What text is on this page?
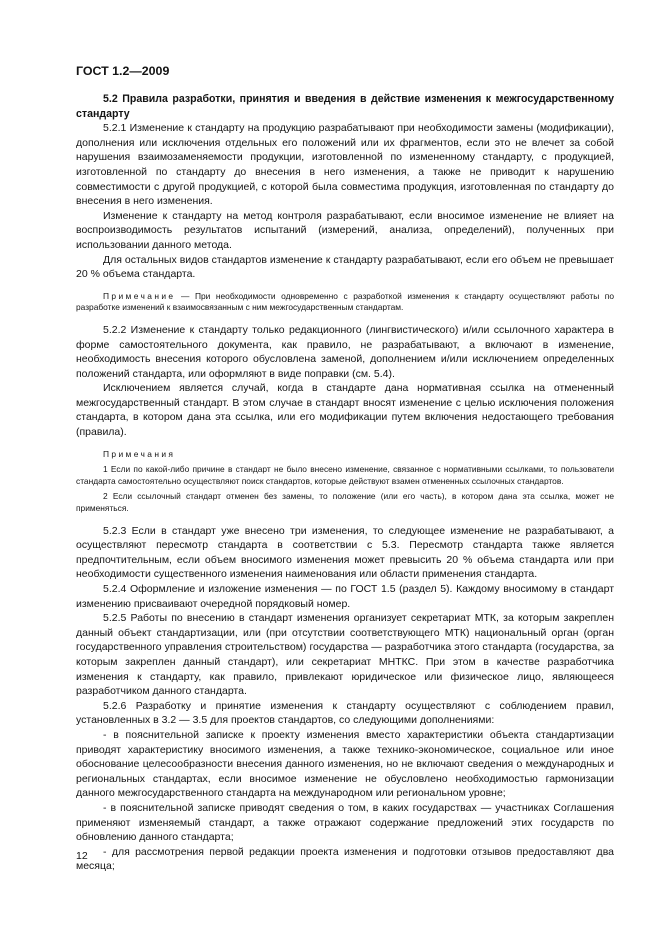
ГОСТ 1.2—2009

5.2 Правила разработки, принятия и введения в действие изменения к межгосударственному стандарту

5.2.1 Изменение к стандарту на продукцию разрабатывают при необходимости замены (модификации), дополнения или исключения отдельных его положений или их фрагментов, если это не влечет за собой нарушения взаимозаменяемости продукции, изготовленной по измененному стандарту, с продукцией, изготовленной по стандарту до внесения в него изменения, а также не приводит к нарушению совместимости с другой продукцией, с которой была совместима продукция, изготовленная по стандарту до внесения в него изменения.

Изменение к стандарту на метод контроля разрабатывают, если вносимое изменение не влияет на воспроизводимость результатов испытаний (измерений, анализа, определений), полученных при использовании данного метода.

Для остальных видов стандартов изменение к стандарту разрабатывают, если его объем не превышает 20 % объема стандарта.

Примечание — При необходимости одновременно с разработкой изменения к стандарту осуществляют работы по разработке изменений к взаимосвязанным с ним межгосударственным стандартам.

5.2.2 Изменение к стандарту только редакционного (лингвистического) и/или ссылочного характера в форме самостоятельного документа, как правило, не разрабатывают, а включают в изменение, необходимость внесения которого обусловлена заменой, дополнением и/или исключением определенных положений стандарта, или оформляют в виде поправки (см. 5.4).

Исключением является случай, когда в стандарте дана нормативная ссылка на отмененный межгосударственный стандарт. В этом случае в стандарт вносят изменение с целью исключения положения стандарта, в котором дана эта ссылка, или его модификации путем включения недостающего требования (правила).

Примечания

1 Если по какой-либо причине в стандарт не было внесено изменение, связанное с нормативными ссылками, то пользователи стандарта самостоятельно осуществляют поиск стандартов, которые действуют взамен отмененных ссылочных стандартов.

2 Если ссылочный стандарт отменен без замены, то положение (или его часть), в котором дана эта ссылка, может не применяться.

5.2.3 Если в стандарт уже внесено три изменения, то следующее изменение не разрабатывают, а осуществляют пересмотр стандарта в соответствии с 5.3. Пересмотр стандарта также является предпочтительным, если объем вносимого изменения может превысить 20 % объема стандарта или при необходимости существенного изменения наименования или области применения стандарта.

5.2.4 Оформление и изложение изменения — по ГОСТ 1.5 (раздел 5). Каждому вносимому в стандарт изменению присваивают очередной порядковый номер.

5.2.5 Работы по внесению в стандарт изменения организует секретариат МТК, за которым закреплен данный объект стандартизации, или (при отсутствии соответствующего МТК) национальный орган (орган государственного управления строительством) государства — разработчика этого стандарта (государства, за которым закреплен данный стандарт), или секретариат МНТКС. При этом в качестве разработчика изменения к стандарту, как правило, привлекают юридическое или физическое лицо, являющееся разработчиком данного стандарта.

5.2.6 Разработку и принятие изменения к стандарту осуществляют с соблюдением правил, установленных в 3.2 — 3.5 для проектов стандартов, со следующими дополнениями:

- в пояснительной записке к проекту изменения вместо характеристики объекта стандартизации приводят характеристику вносимого изменения, а также технико-экономическое, социальное или иное обоснование целесообразности внесения данного изменения, но не включают сведения о международных и региональных стандартах, если вносимое изменение не обусловлено необходимостью гармонизации данного межгосударственного стандарта на международном или региональном уровне;

- в пояснительной записке приводят сведения о том, в каких государствах — участниках Соглашения применяют изменяемый стандарт, а также отражают содержание предложений этих государств по обновлению данного стандарта;

- для рассмотрения первой редакции проекта изменения и подготовки отзывов предоставляют два месяца;

12
